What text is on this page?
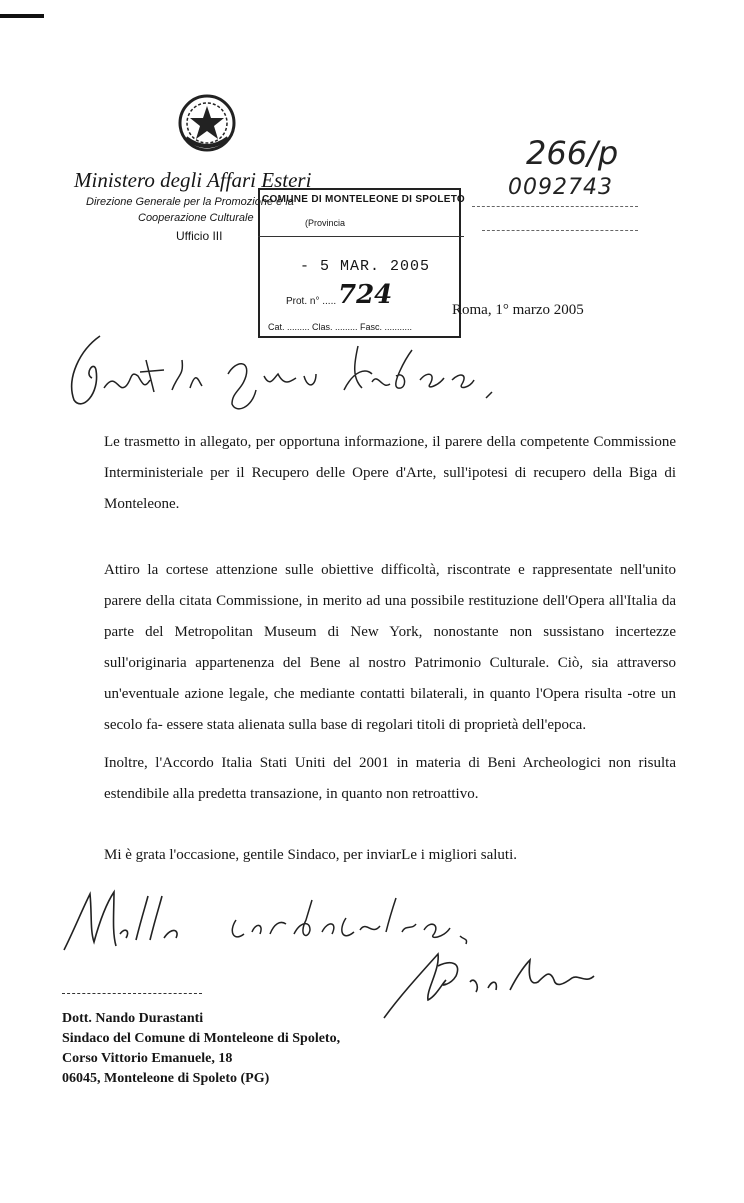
Ministero degli Affari Esteri
Direzione Generale per la Promozione e la
Cooperazione Culturale
Ufficio III
COMUNE DI MONTELEONE DI SPOLETO
(Provincia
- 5 MAR. 2005
Prot. n° ..... 724
Cat. ......... Clas. ......... Fasc. ...........
266/p
0092743
Roma, 1° marzo 2005
Le trasmetto in allegato, per opportuna informazione, il parere della competente Commissione Interministeriale per il Recupero delle Opere d'Arte, sull'ipotesi di recupero della Biga di Monteleone.
Attiro la cortese attenzione sulle obiettive difficoltà, riscontrate e rappresentate nell'unito parere della citata Commissione, in merito ad una possibile restituzione dell'Opera all'Italia da parte del Metropolitan Museum di New York, nonostante non sussistano incertezze sull'originaria appartenenza del Bene al nostro Patrimonio Culturale. Ciò, sia attraverso un'eventuale azione legale, che mediante contatti bilaterali, in quanto l'Opera risulta -otre un secolo fa- essere stata alienata sulla base di regolari titoli di proprietà dell'epoca.
Inoltre, l'Accordo Italia Stati Uniti del 2001 in materia di Beni Archeologici non risulta estendibile alla predetta transazione, in quanto non retroattivo.
Mi è grata l'occasione, gentile Sindaco, per inviarLe i migliori saluti.
Dott. Nando Durastanti
Sindaco del Comune di Monteleone di Spoleto,
Corso Vittorio Emanuele, 18
06045, Monteleone di Spoleto (PG)
